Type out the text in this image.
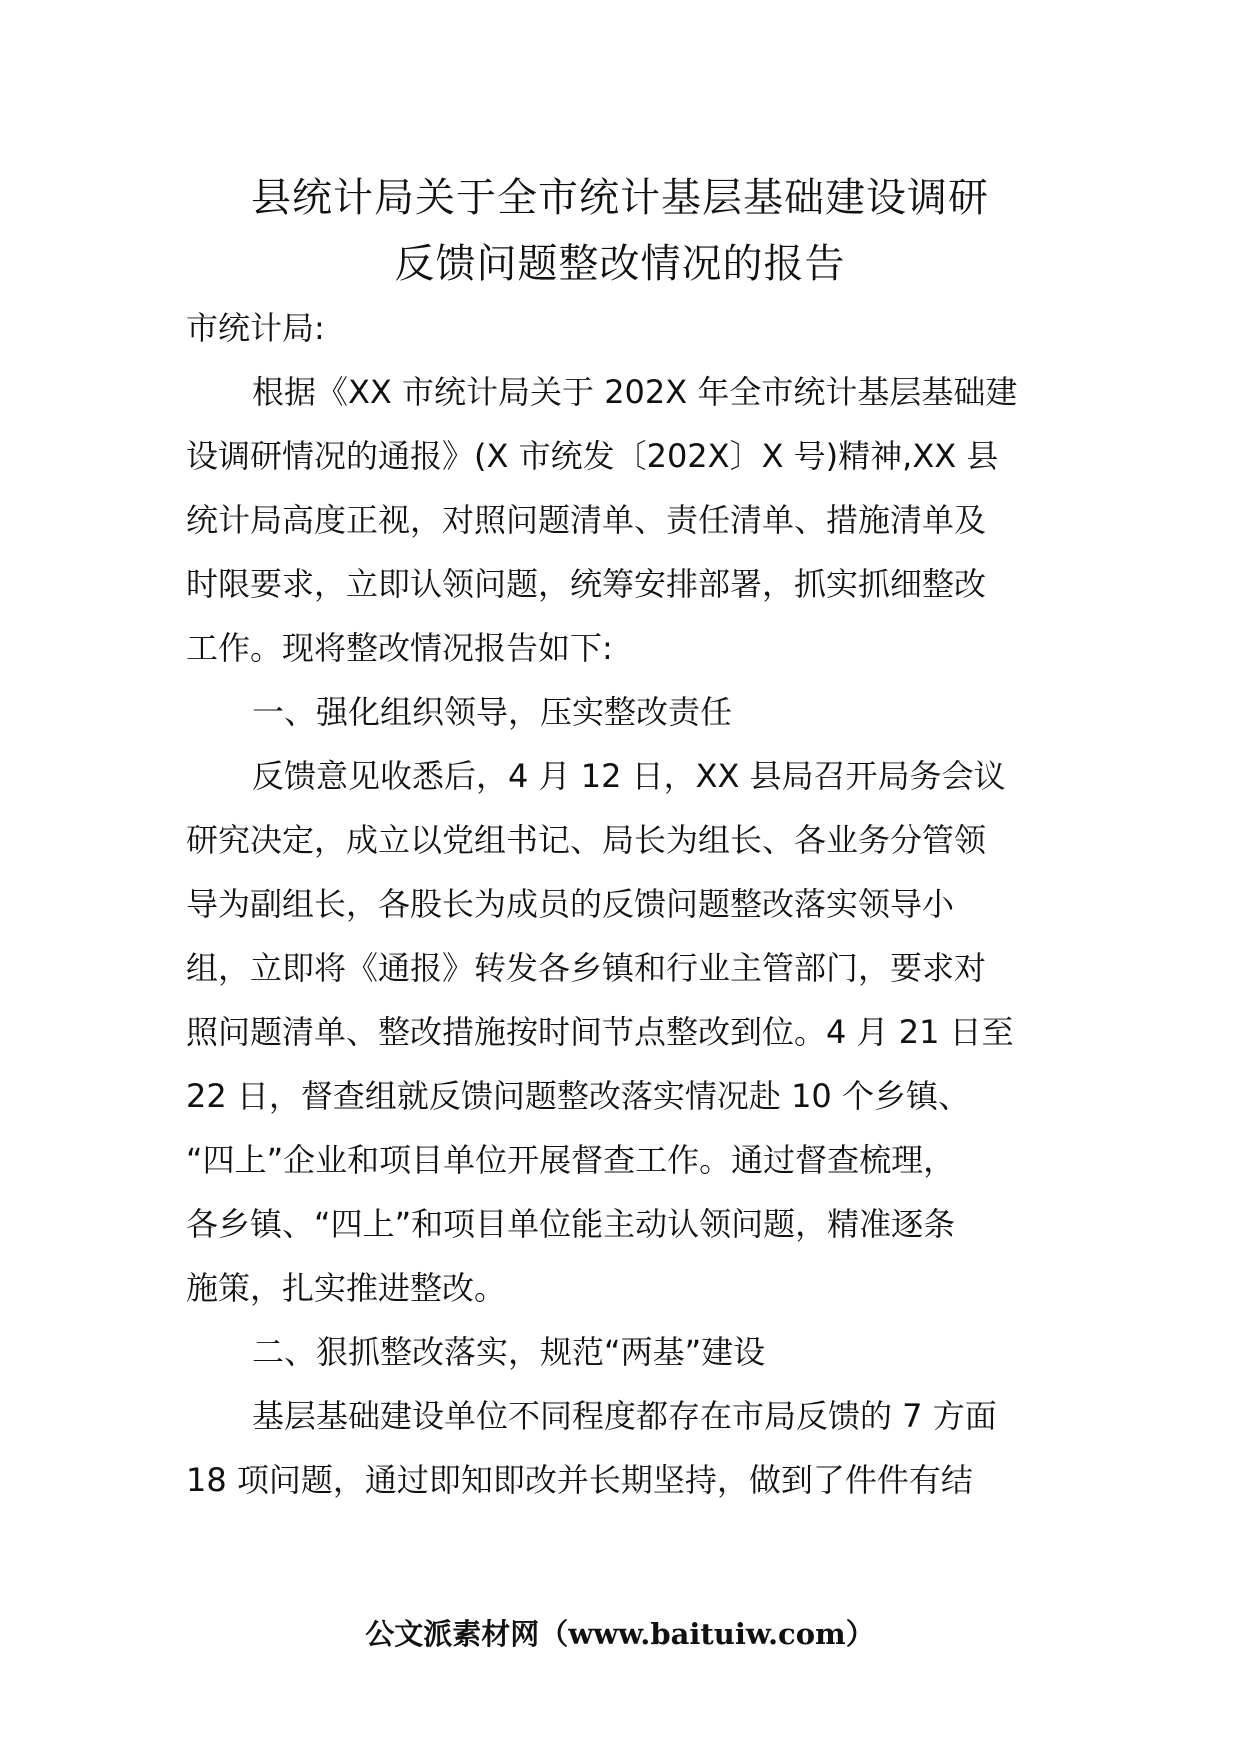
县统计局关于全市统计基层基础建设调研
反馈问题整改情况的报告
市统计局:
根据《XX 市统计局关于 202X 年全市统计基层基础建
设调研情况的通报》(X 市统发〔202X〕X 号)精神,XX 县
统计局高度正视，对照问题清单、责任清单、措施清单及
时限要求，立即认领问题，统筹安排部署，抓实抓细整改
工作。现将整改情况报告如下:
一、强化组织领导，压实整改责任
反馈意见收悉后，4 月 12 日，XX 县局召开局务会议
研究决定，成立以党组书记、局长为组长、各业务分管领
导为副组长，各股长为成员的反馈问题整改落实领导小
组，立即将《通报》转发各乡镇和行业主管部门，要求对
照问题清单、整改措施按时间节点整改到位。4 月 21 日至
22 日，督查组就反馈问题整改落实情况赴 10 个乡镇、
“四上”企业和项目单位开展督查工作。通过督查梳理，
各乡镇、“四上”和项目单位能主动认领问题，精准逐条
施策，扎实推进整改。
二、狠抓整改落实，规范“两基”建设
基层基础建设单位不同程度都存在市局反馈的 7 方面
18 项问题，通过即知即改并长期坚持，做到了件件有结
公文派素材网（www.baituiw.com）
